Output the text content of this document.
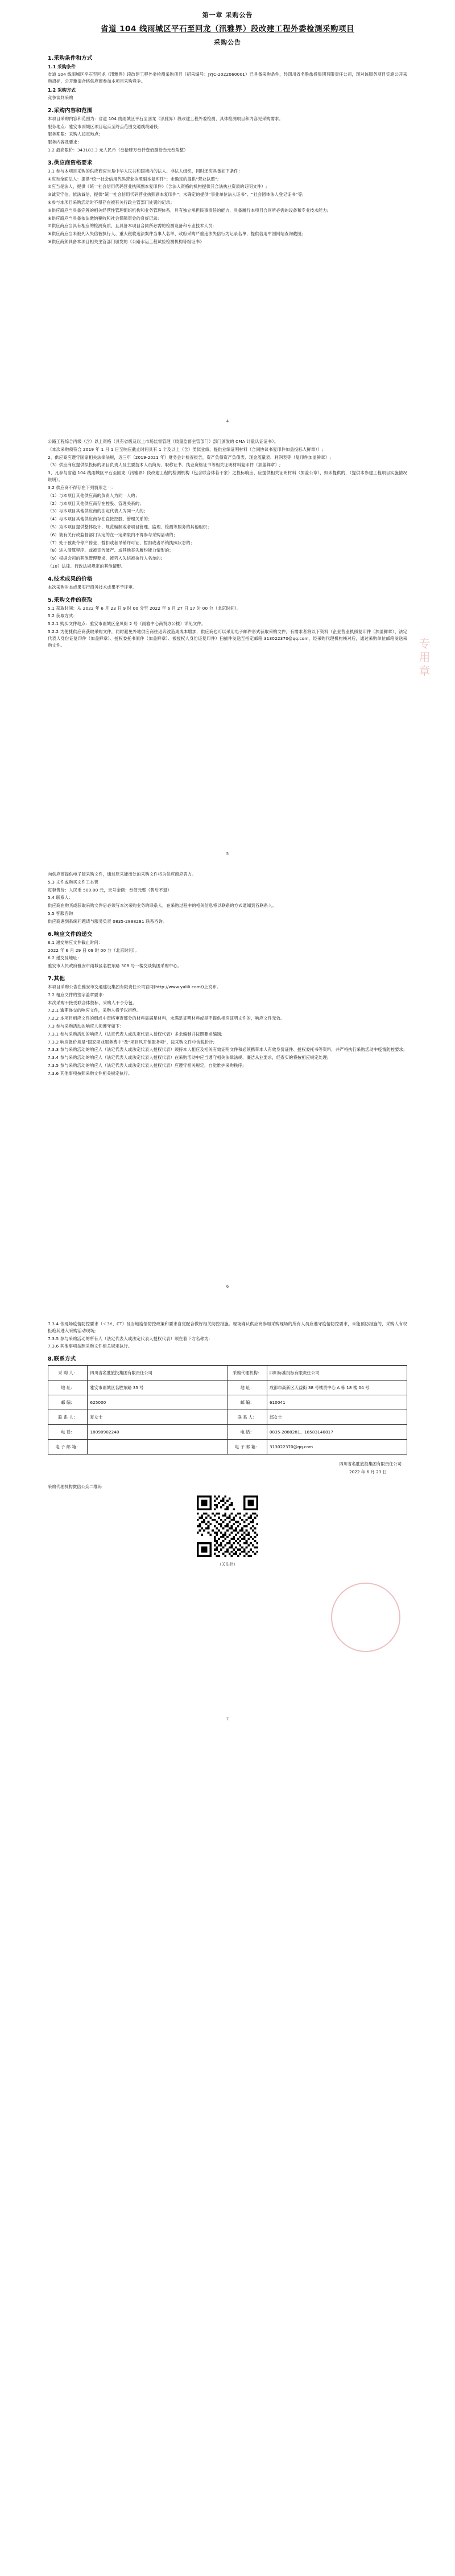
第一章 采购公告
省道 104 线雨城区平石至回龙（汛雅界）段改建工程外委检测采购项目
采购公告
1.采购条件和方式
1.1 采购条件

省道 104 线雨城区平石至回龙（汛雅界）段改建工程外委检测采购项目（招采编号：JYJC-2022060001）已具备采购条件，经四川省名胜旅投集团有限责任公司，现对该服务项目实施公开采购招标，公开邀请合格供应商参加本项目采购竞争。

1.2 采购方式

竞争谈判采购

2.采购内容和范围

本项目采购内容和范围为：省道 104 线雨城区平石至回龙（汛雅界）段改建工程外委检测，具体检测项目和内容见采购需求。

服务地点：雅安市雨城区项目起点至终点范围交通线段路段；

服务期限：采购人按定地点；

服务内容及要求：

1.2 最高限价：343183.3 元人民币（叁拾肆万叁仟壹佰捌拾叁元叁角整）

3.供应商资格要求

3.1 参与本项目采购的供应商应当是中华人民共和国境内的法人、非法人组织，同时还应具备如下条件：

①应当全面法人：提供“统一社会信用代码营业执照副本复印件”；未确定的提供“营业执照”;

②应当是法人，提供《统一社会信用代码营业执照副本复印件》（含法人资格的机构提供其合法执业资质的证明文件）;

③诚实守信、依法诚信，提供“统一社会信用代码营业执照副本复印件”；未确定的提供“事业单位法人证书”、“社会团体法人登记证书”等;

④参与本项目采购活动时不得存在被有关行政主管部门处罚的记录；

⑤供应商应当具备完善的相关经营性管理组织机构和业务管理体系，具有独立承担民事责任的能力，具备履行本项目合同所必需的设备和专业技术能力;

⑥供应商应当具备依法缴纳税收和社会保障资金的良好记录;

⑦供应商应当具有相应的检测资质，且具备本项目合同所必需的检测设备和专业技术人员;

⑧供应商应当未被列入失信被执行人、重大税收违法案件当事人名单、政府采购严重违法失信行为记录名单，提供信用中国网站查询截图;

⑨供应商须具备本项目相关主管部门颁发的《公路水运工程试验检测机构等级证书》

4

公路工程综合丙级（含）以上资格（具有省级及以上市场监督管理（质量监督主管部门）部门颁发的 CMA 计量认证证书）。

（本次采购须符合 2019 年 1 月 1 日至响应截止时间具有 1 个及以上（含）类似业绩，提供业绩证明材料（合同协议书复印件加盖投标人鲜章））;

2、供应商应遵守国家相关法律法规，近三年（2019-2021 年）财务会计检查报告，资产负债资产负债表、现金流量表、利润表等（复印件加盖鲜章）;

（3）供应商应提供拟投标的项目负责人及主要技术人员简历、职称证书、执业资格证书等相关证明材料复印件（加盖鲜章）;

3、凡参与省道 104 线雨城区平石至回龙（汛雅界）段改建工程的检测机构（包含联合体若干家）之投标响应，应提供相关证明材料（加盖公章），如未提供的，（提供本参建工程项目实施情况说明）。

3.2 供应商不得存在下列情形之一：

（1）与本项目其他供应商的负责人为同一人的；

（2）与本项目其他供应商存在控股、管理关系的；

（3）与本项目其他供应商的法定代表人为同一人的；

（4）与本项目其他供应商存在直接控股、管理关系的；

（5）为本项目提供整体设计、规范编制或者项目管理、监理、检测等服务的其他组织；

（6）被有关行政监督部门认定的在一定期限内不得参与采购活动的；

（7）处于被责令停产停业、暂扣或者吊销许可证、暂扣或者吊销执照状态的；

（8）进入清算程序、或被宣告破产、或其他丧失履约能力情形的；

（9）根据会司的其他管理要求，被列入失信被执行人名单的;

（10）法律、行政法规规定的其他情形。

4.技术成果的价格

本次采购对本成果实行商务技术成果不予评审。

5.采购文件的获取

5.1 获取时间：从 2022 年 6 月 23 日 9 时 00 分至 2022 年 6 月 27 日 17 时 00 分（北京时间）。

5.2 获取方式：

5.2.1 购买文件地点：雅安市雨城区金凤街 2 号（雨雅中心商贸办公楼）详见文件。

5.2.2 为便捷供应商获取采购文件，同时避免外地供应商往返奔波造成成本增加，供应商也可以采用电子邮件形式获取采购文件，有需求者将以下资料（企业营业执照复印件（加盖鲜章）、法定代表人身份证复印件（加盖鲜章）、授权委托书原件（加盖鲜章）、被授权人身份证复印件）扫描件发送至指定邮箱 313022370@qq.com，经采购代理机构核对后，通过采购单位邮箱发送采购文件。	专用章
5

向供应商提供电子版采购文件，通过原采能出处的采购文件将为供应商应答方。

5.3 文件或购买文件工本费

每套售价：人民币 500.00 元，天号金额：叁佰元整（售后不退）

5.4 联系人：

供应商在购买或获取采购文件后必须写本次采购业务的联系人，在采购过程中的相关信息将以联系的方式通知到各联系人。

5.5 客服咨询

供应商遇到系统问题请与服务负责 0835-2888281 联系咨询。

6.响应文件的递交

6.1 递交响应文件截止时间：

2022 年 6 月 29 日 09 时 00 分（北京时间）。

6.2 递交及地址：

雅安市人民政府雅安市雨城区名胜东路 308 号一楼交谈集团采购中心。

7.其他

本项目采购公告在雅安市交通建设集团有限责任公司官网(http://www.yalili.com/)上发布。

7.2 相应文件的签字盖章要求：

本次采购不接受联合体投标，采购人不予分包。

7.2.1 逾期递交的响应文件，采购人将予以拒绝。

7.2.2 本项目相应文件的组成中资格审查部分的材料需满足材料，未满足证明材料或是不提供相应证明文件的，响应文件无效。

7.3 参与采购活动的响应人须遵守如下：

7.3.1 参与采购活动的响应人（法定代表人或法定代表人授权代表）多余编制并按照要求编制;

7.3.2 响应报价须是“国家项业服务费中”及“项目风开销服务项”，按采购文件中含税价计;

7.3.3 参与采购活动的响应人（法定代表人或法定代表人授权代表）须持本人相应及相关有效证明文件和必须携带本人有效身份证件、授权委托书等资料，并严格执行采购活动中疫情防控要求;

7.3.4 参与采购活动的响应人（法定代表人或法定代表人授权代表）在采购活动中应当遵守相关法律法规、廉洁从业要求，经查实的将按相应规定处理;

7.3.5 参与采购活动的响应人（法定代表人或法定代表人授权代表）应遵守相关规定，自觉维护采购秩序;

7.3.6 其他事项按照采购文件相关规定执行。

6

7.3.4 依现场疫情防控要求（＜3Y、CT）及当地疫情防控政策和要求自觉配合做好相关防控措施。现场确认供应商参加采购现场的所有人员应遵守疫情防控要求，未能预防措施的，采购人有权拒绝其进入采购活动现场;

7.3.5 参与采购活动的所有人（法定代表人或法定代表人授权代表）须在着下方名称为：

7.3.6 其他事项按照采购文件相关规定执行。

8.联系方式
采 购 人：	四川省名胜旅投集团有限责任公司	采购代理机构：	四川标准投标有限责任公司
地 址：	雅安市雨城区名胜东路 35 号	地 址：	成都市高新区天益街 38 号楼贸中心 A 栋 18 楼 04 号
邮 编：	625000	邮 编：	610041
联 系 人：	夏女士	联 系 人：	邱女士
电 话：	18090902240	电 话：	0835-2888281、18583140817
电 子 邮 箱：		电 子 邮 箱：	313022370@qq.com
四川省名胜旅投集团有限责任公司
2022 年 6 月 23 日
采购代理机构微信公众二维码
（关注栏）
7
